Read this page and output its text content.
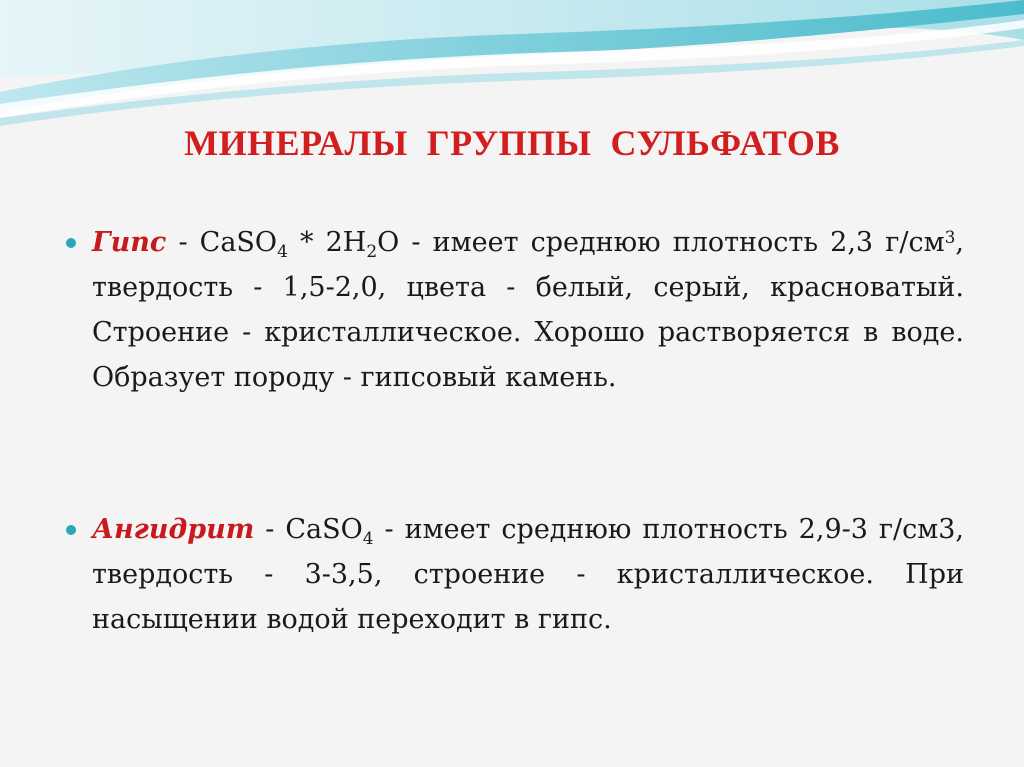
МИНЕРАЛЫ  ГРУППЫ  СУЛЬФАТОВ
Гипс - CaSO$_4$ * $2H_2O$ - имеет среднюю плотность 2,3 $г/см^3$, твердость - 1,5-2,0, цвета - белый, серый, красноватый. Строение - кристаллическое. Хорошо растворяется в воде. Образует породу - гипсовый камень.
Ангидрит - CaSO$_4$ - имеет среднюю плотность 2,9-3 г/см3, твердость - 3-3,5, строение - кристаллическое. При насыщении водой переходит в гипс.
